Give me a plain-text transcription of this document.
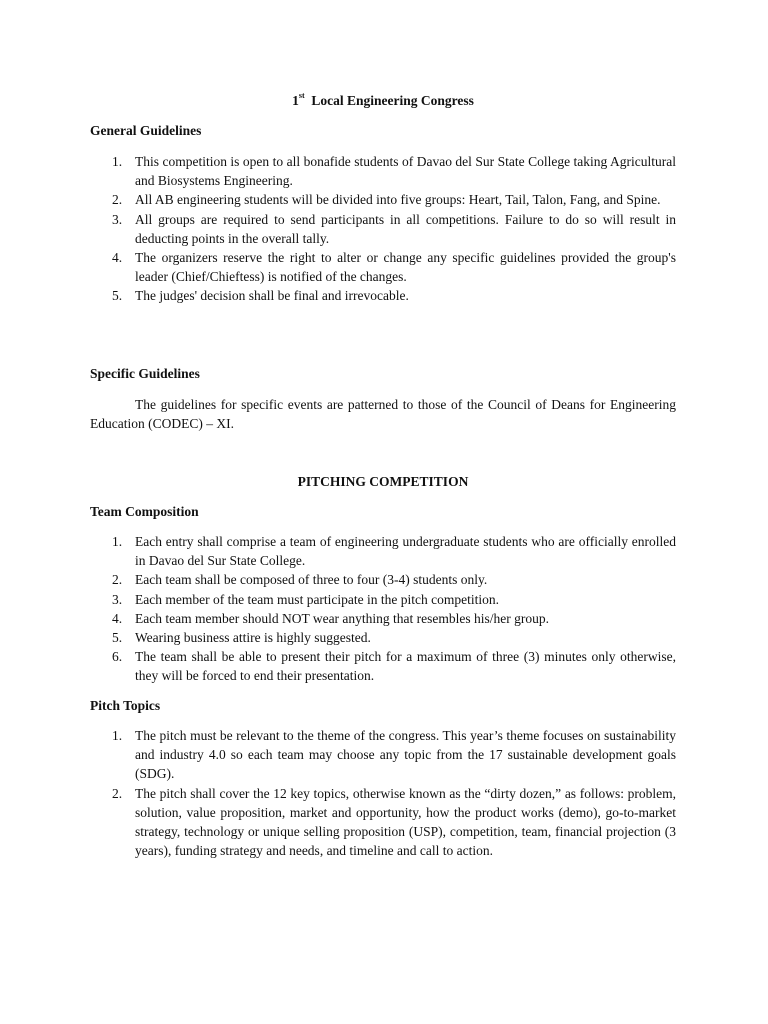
1st Local Engineering Congress
General Guidelines
1. This competition is open to all bonafide students of Davao del Sur State College taking Agricultural and Biosystems Engineering.
2. All AB engineering students will be divided into five groups: Heart, Tail, Talon, Fang, and Spine.
3. All groups are required to send participants in all competitions. Failure to do so will result in deducting points in the overall tally.
4. The organizers reserve the right to alter or change any specific guidelines provided the group's leader (Chief/Chieftess) is notified of the changes.
5. The judges' decision shall be final and irrevocable.
Specific Guidelines

The guidelines for specific events are patterned to those of the Council of Deans for Engineering Education (CODEC) – XI.

PITCHING COMPETITION
Team Composition
1. Each entry shall comprise a team of engineering undergraduate students who are officially enrolled in Davao del Sur State College.
2. Each team shall be composed of three to four (3-4) students only.
3. Each member of the team must participate in the pitch competition.
4. Each team member should NOT wear anything that resembles his/her group.
5. Wearing business attire is highly suggested.
6. The team shall be able to present their pitch for a maximum of three (3) minutes only otherwise, they will be forced to end their presentation.
Pitch Topics
1. The pitch must be relevant to the theme of the congress. This year’s theme focuses on sustainability and industry 4.0 so each team may choose any topic from the 17 sustainable development goals (SDG).
2. The pitch shall cover the 12 key topics, otherwise known as the “dirty dozen,” as follows: problem, solution, value proposition, market and opportunity, how the product works (demo), go-to-market strategy, technology or unique selling proposition (USP), competition, team, financial projection (3 years), funding strategy and needs, and timeline and call to action.
